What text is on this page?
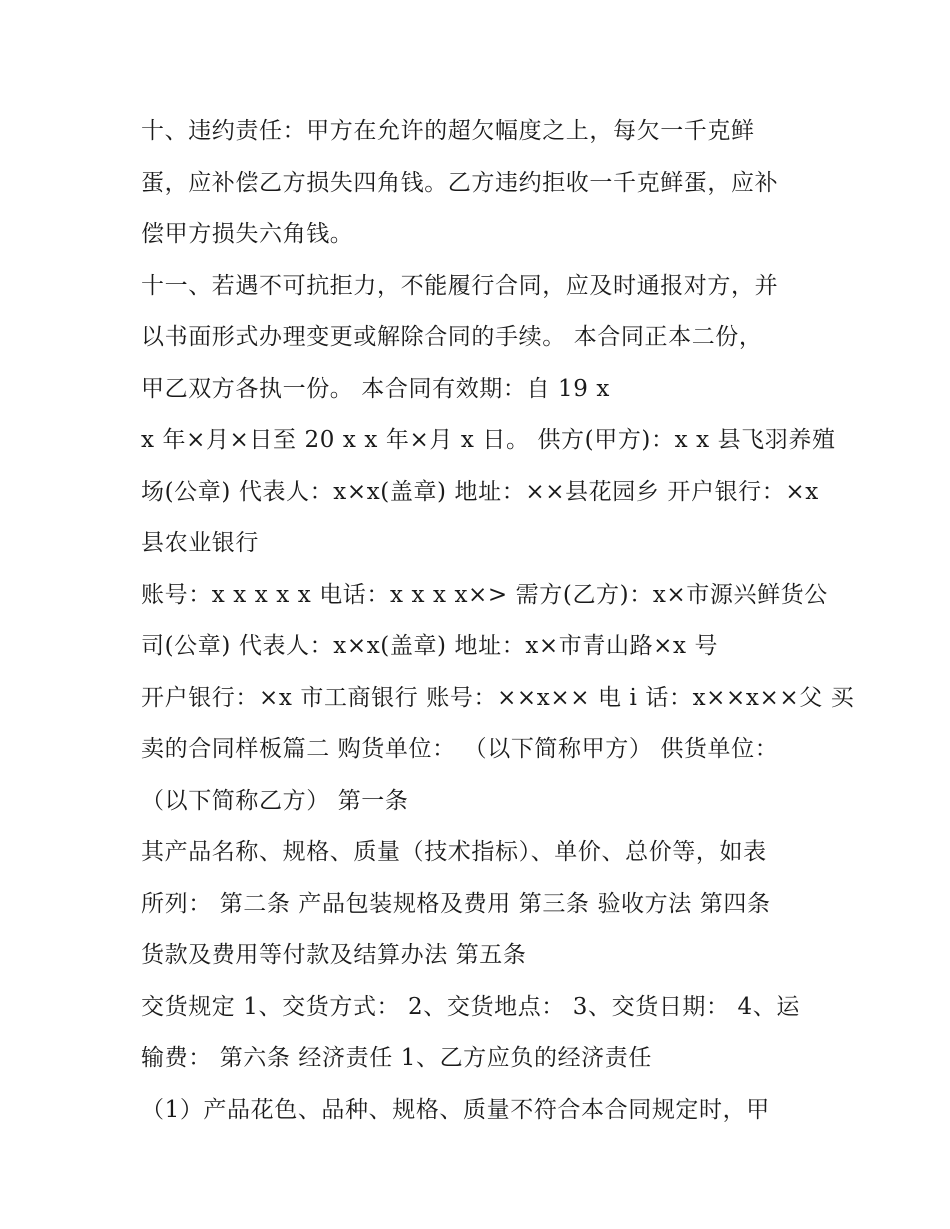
十、违约责任：甲方在允许的超欠幅度之上，每欠一千克鲜
蛋，应补偿乙方损失四角钱。乙方违约拒收一千克鲜蛋，应补
偿甲方损失六角钱。
十一、若遇不可抗拒力，不能履行合同，应及时通报对方，并
以书面形式办理变更或解除合同的手续。 本合同正本二份，
甲乙双方各执一份。 本合同有效期：自 19 x
x 年×月×日至 20 x x 年×月 x 日。 供方(甲方)：x x 县飞羽养殖
场(公章) 代表人：x×x(盖章) 地址：××县花园乡 开户银行：×x
县农业银行
账号：x x x x x 电话：x x x x×> 需方(乙方)：x×市源兴鲜货公
司(公章) 代表人：x×x(盖章) 地址：x×市青山路×x 号
开户银行：×x 市工商银行 账号：××x×× 电 i 话：x××x××父 买
卖的合同样板篇二 购货单位： （以下简称甲方） 供货单位：
（以下简称乙方） 第一条
其产品名称、规格、质量（技术指标）、单价、总价等，如表
所列： 第二条 产品包装规格及费用 第三条 验收方法 第四条
货款及费用等付款及结算办法 第五条
交货规定 1、交货方式： 2、交货地点： 3、交货日期： 4、运
输费： 第六条 经济责任 1、乙方应负的经济责任
（1）产品花色、品种、规格、质量不符合本合同规定时，甲
